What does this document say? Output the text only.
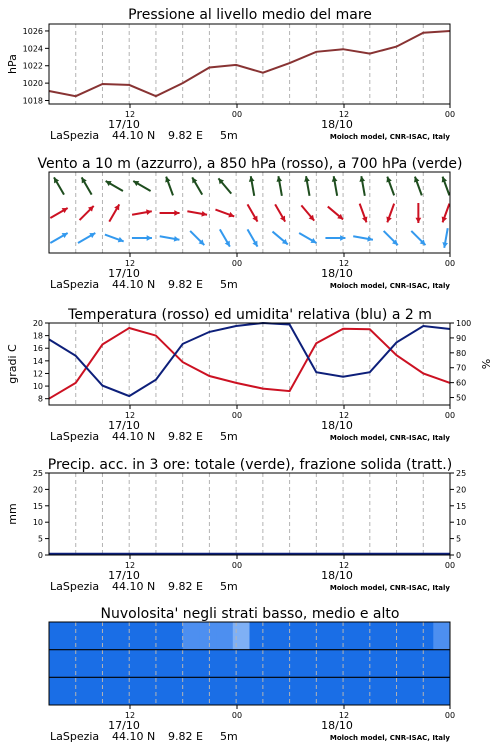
Pressione al livello medio del mare
1018
1020
1022
1024
1026
hPa
12	00	12	00
17/10	18/10
LaSpezia 44.10 N 9.82 E 5m	Moloch model, CNR-ISAC, Italy
Vento a 10 m (azzurro), a 850 hPa (rosso), a 700 hPa (verde)
12	00	12	00
17/10	18/10
LaSpezia 44.10 N 9.82 E 5m	Moloch model, CNR-ISAC, Italy
Temperatura (rosso) ed umidita' relativa (blu) a 2 m
8
10
12
14
16
18
20
50
60
70
80
90
100
gradi C	%
12	00	12	00
17/10	18/10
LaSpezia 44.10 N 9.82 E 5m	Moloch model, CNR-ISAC, Italy
Precip. acc. in 3 ore: totale (verde), frazione solida (tratt.)
0
5
10
15
20
25
0
5
10
15
20
25
mm
12	00	12	00
17/10	18/10
LaSpezia 44.10 N 9.82 E 5m	Moloch model, CNR-ISAC, Italy
Nuvolosita' negli strati basso, medio e alto
12	00	12	00
17/10	18/10
LaSpezia 44.10 N 9.82 E 5m	Moloch model, CNR-ISAC, Italy
